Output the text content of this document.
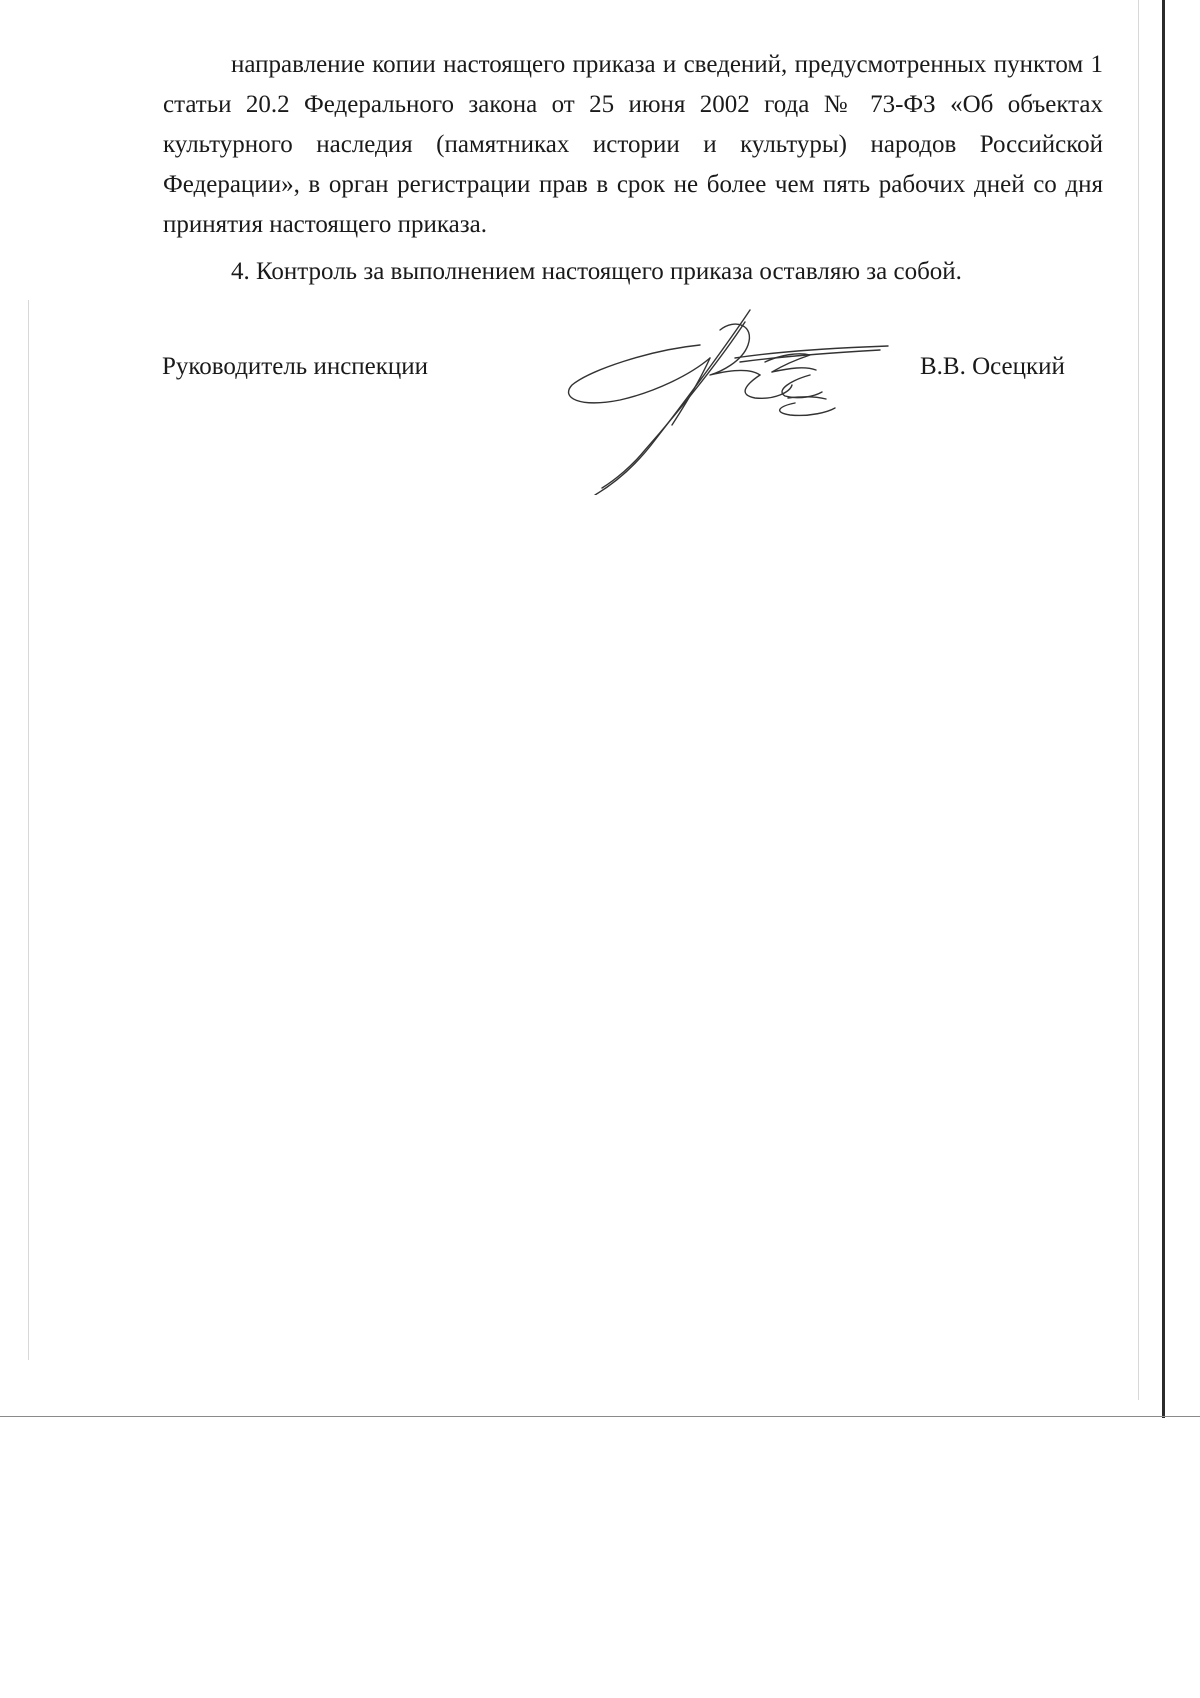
направление копии настоящего приказа и сведений, предусмотренных пунктом 1 статьи 20.2 Федерального закона от 25 июня 2002 года № 73-ФЗ «Об объектах культурного наследия (памятниках истории и культуры) народов Российской Федерации», в орган регистрации прав в срок не более чем пять рабочих дней со дня принятия настоящего приказа.

4. Контроль за выполнением настоящего приказа оставляю за собой.

Руководитель инспекции	В.В. Осецкий
